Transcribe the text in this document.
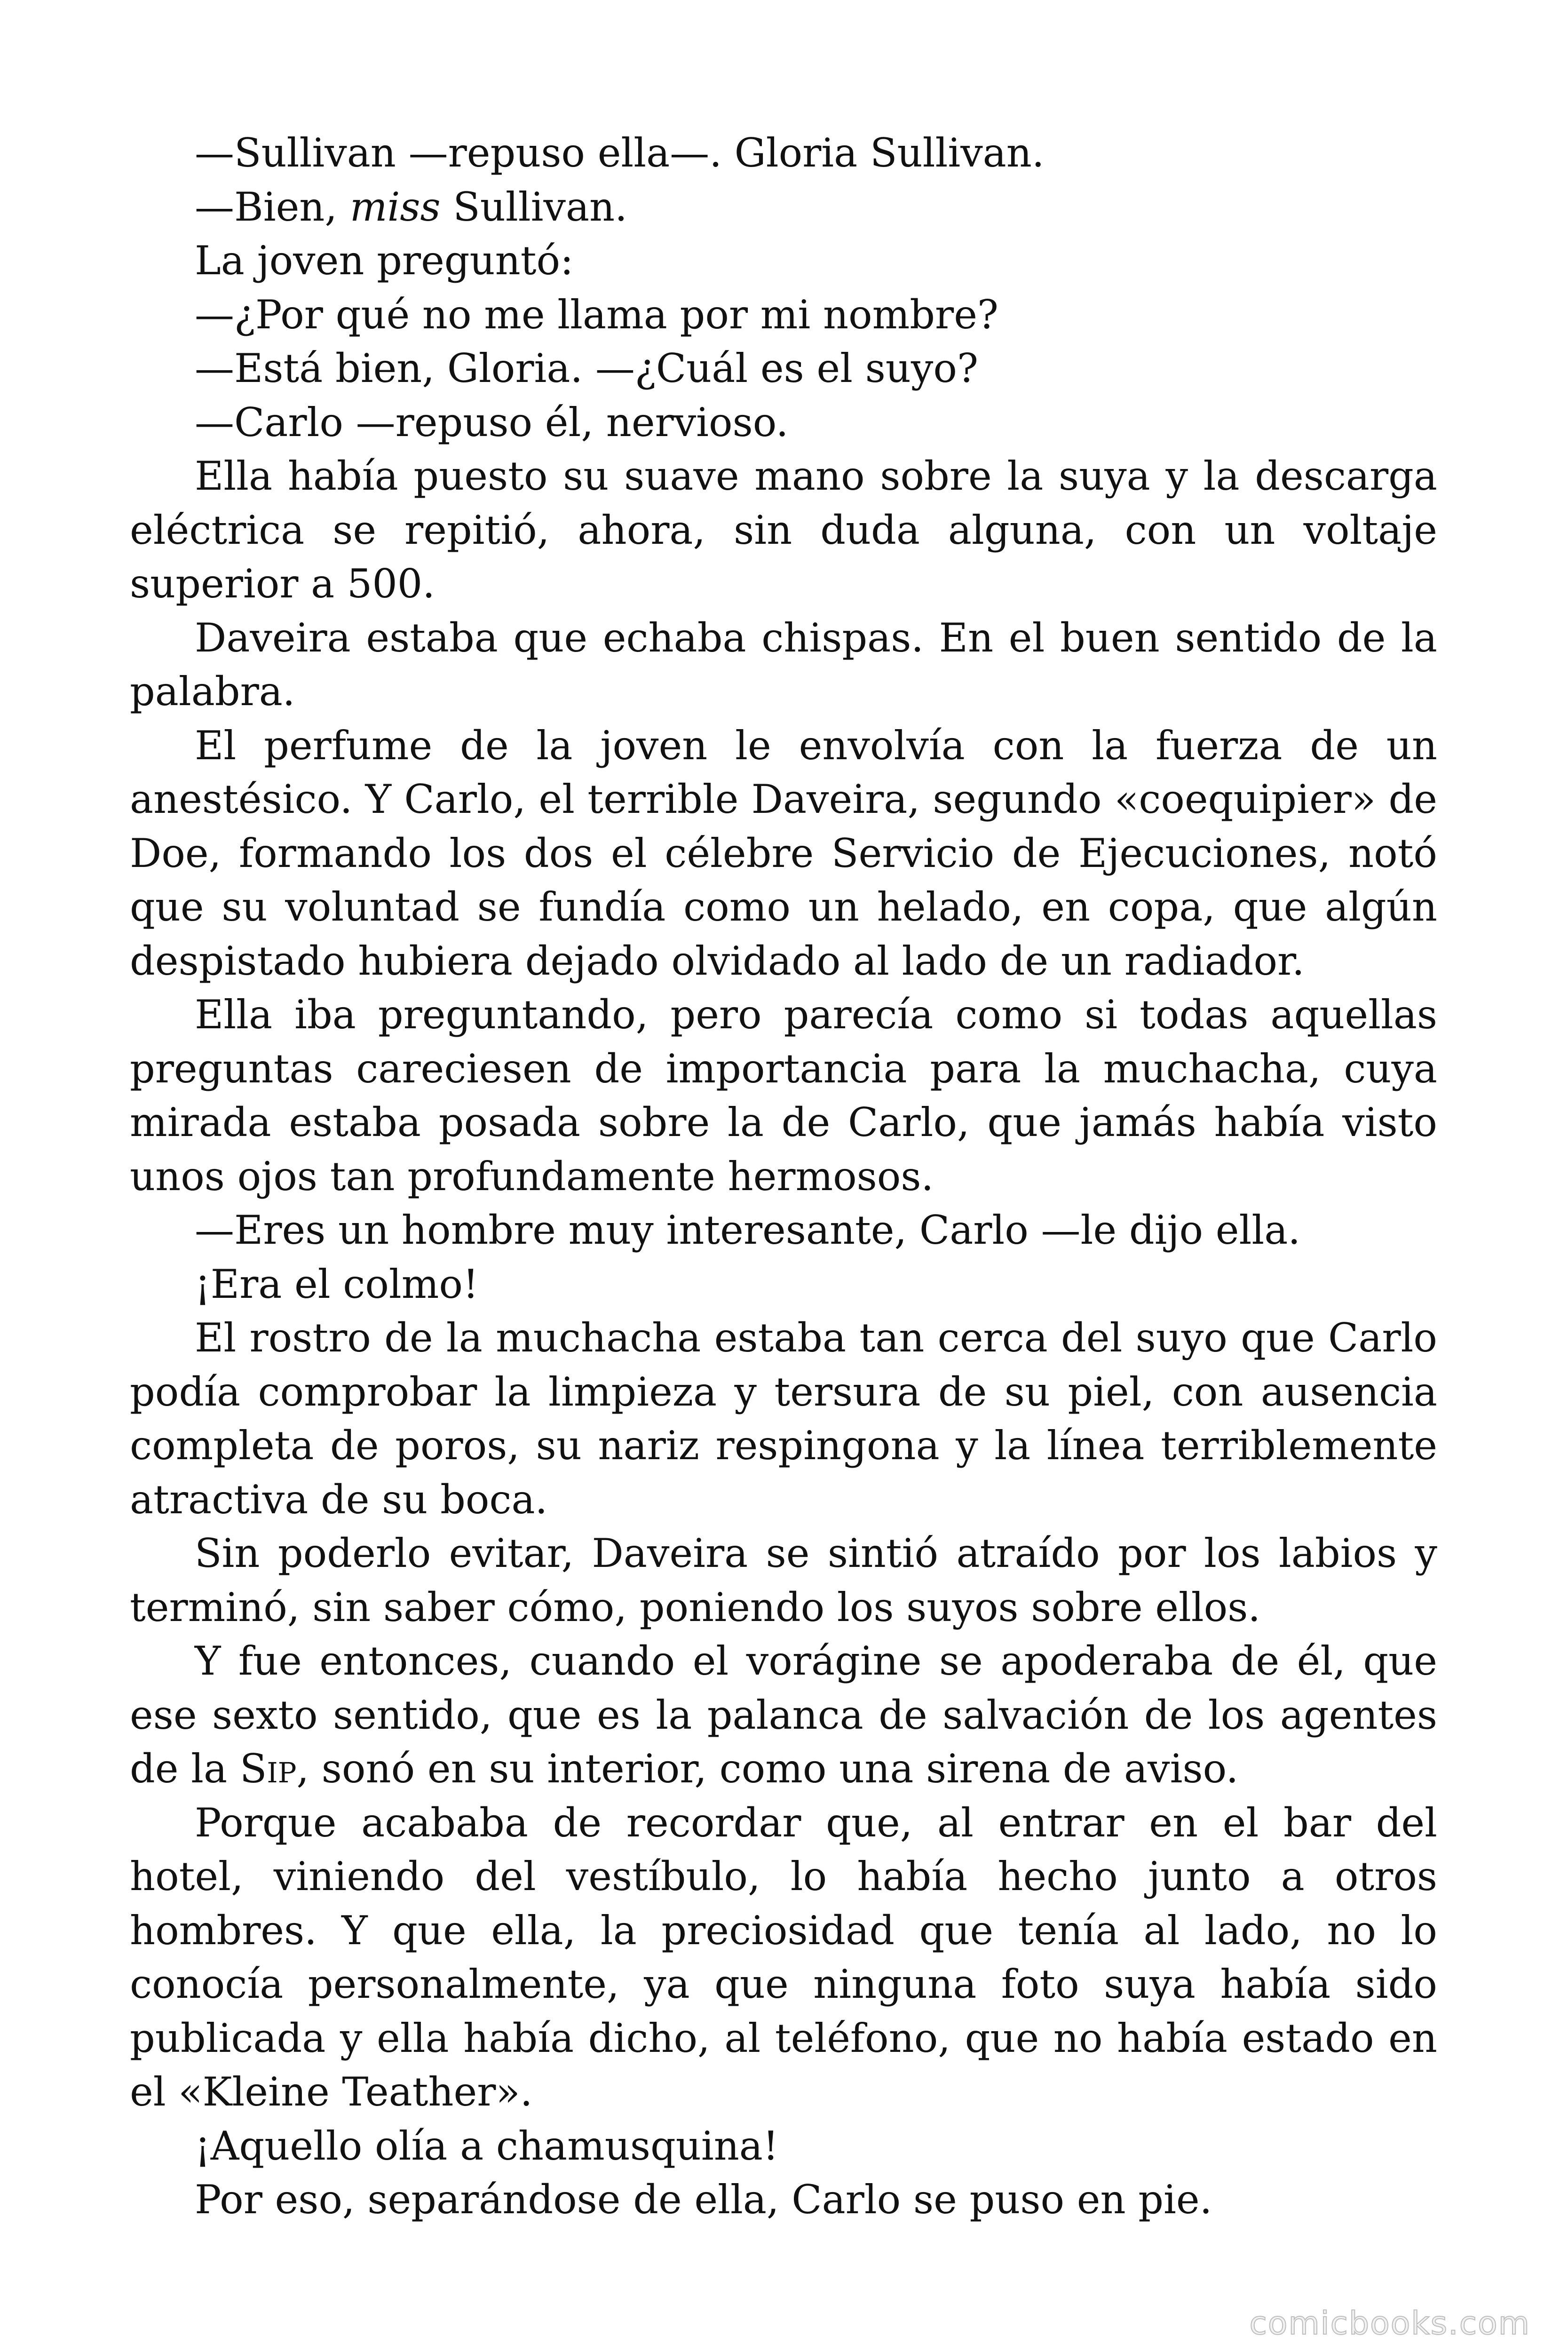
—Sullivan —repuso ella—. Gloria Sullivan.

—Bien, miss Sullivan.

La joven preguntó:

—¿Por qué no me llama por mi nombre?

—Está bien, Gloria. —¿Cuál es el suyo?

—Carlo —repuso él, nervioso.

Ella había puesto su suave mano sobre la suya y la descarga eléctrica se repitió, ahora, sin duda alguna, con un voltaje superior a 500.

Daveira estaba que echaba chispas. En el buen sentido de la palabra.

El perfume de la joven le envolvía con la fuerza de un anestésico. Y Carlo, el terrible Daveira, segundo «coequipier» de Doe, formando los dos el célebre Servicio de Ejecuciones, notó que su voluntad se fundía como un helado, en copa, que algún despistado hubiera dejado olvidado al lado de un radiador.

Ella iba preguntando, pero parecía como si todas aquellas preguntas careciesen de importancia para la muchacha, cuya mirada estaba posada sobre la de Carlo, que jamás había visto unos ojos tan profundamente hermosos.

—Eres un hombre muy interesante, Carlo —le dijo ella.

¡Era el colmo!

El rostro de la muchacha estaba tan cerca del suyo que Carlo podía comprobar la limpieza y tersura de su piel, con ausencia completa de poros, su nariz respingona y la línea terriblemente atractiva de su boca.

Sin poderlo evitar, Daveira se sintió atraído por los labios y terminó, sin saber cómo, poniendo los suyos sobre ellos.

Y fue entonces, cuando el vorágine se apoderaba de él, que ese sexto sentido, que es la palanca de salvación de los agentes de la Sip, sonó en su interior, como una sirena de aviso.

Porque acababa de recordar que, al entrar en el bar del hotel, viniendo del vestíbulo, lo había hecho junto a otros hombres. Y que ella, la preciosidad que tenía al lado, no lo conocía personalmente, ya que ninguna foto suya había sido publicada y ella había dicho, al teléfono, que no había estado en el «Kleine Teather».

¡Aquello olía a chamusquina!

Por eso, separándose de ella, Carlo se puso en pie.

comicbooks.com
